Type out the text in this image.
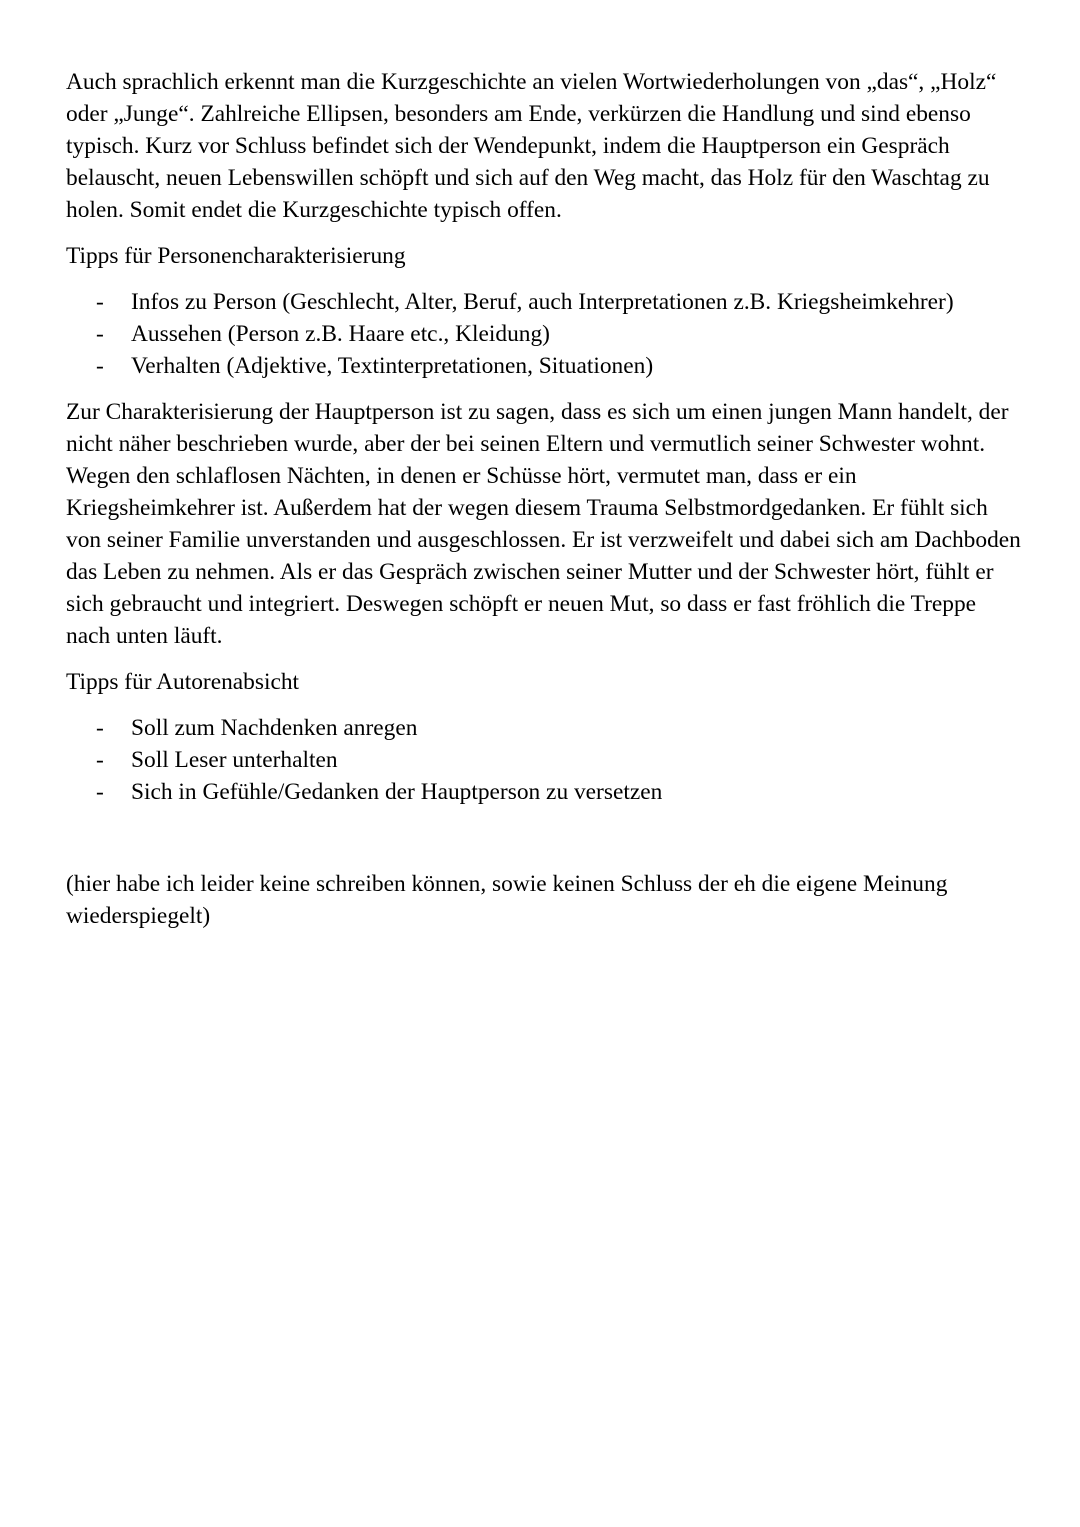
Auch sprachlich erkennt man die Kurzgeschichte an vielen Wortwiederholungen von „das“, „Holz“ oder „Junge“. Zahlreiche Ellipsen, besonders am Ende, verkürzen die Handlung und sind ebenso typisch. Kurz vor Schluss befindet sich der Wendepunkt, indem die Hauptperson ein Gespräch belauscht, neuen Lebenswillen schöpft und sich auf den Weg macht, das Holz für den Waschtag zu holen. Somit endet die Kurzgeschichte typisch offen.

Tipps für Personencharakterisierung

- Infos zu Person (Geschlecht, Alter, Beruf, auch Interpretationen z.B. Kriegsheimkehrer)
- Aussehen (Person z.B. Haare etc., Kleidung)
- Verhalten (Adjektive, Textinterpretationen, Situationen)

Zur Charakterisierung der Hauptperson ist zu sagen, dass es sich um einen jungen Mann handelt, der nicht näher beschrieben wurde, aber der bei seinen Eltern und vermutlich seiner Schwester wohnt. Wegen den schlaflosen Nächten, in denen er Schüsse hört, vermutet man, dass er ein Kriegsheimkehrer ist. Außerdem hat der wegen diesem Trauma Selbstmordgedanken. Er fühlt sich von seiner Familie unverstanden und ausgeschlossen. Er ist verzweifelt und dabei sich am Dachboden das Leben zu nehmen. Als er das Gespräch zwischen seiner Mutter und der Schwester hört, fühlt er sich gebraucht und integriert. Deswegen schöpft er neuen Mut, so dass er fast fröhlich die Treppe nach unten läuft.

Tipps für Autorenabsicht

- Soll zum Nachdenken anregen
- Soll Leser unterhalten
- Sich in Gefühle/Gedanken der Hauptperson zu versetzen

(hier habe ich leider keine schreiben können, sowie keinen Schluss der eh die eigene Meinung wiederspiegelt)
